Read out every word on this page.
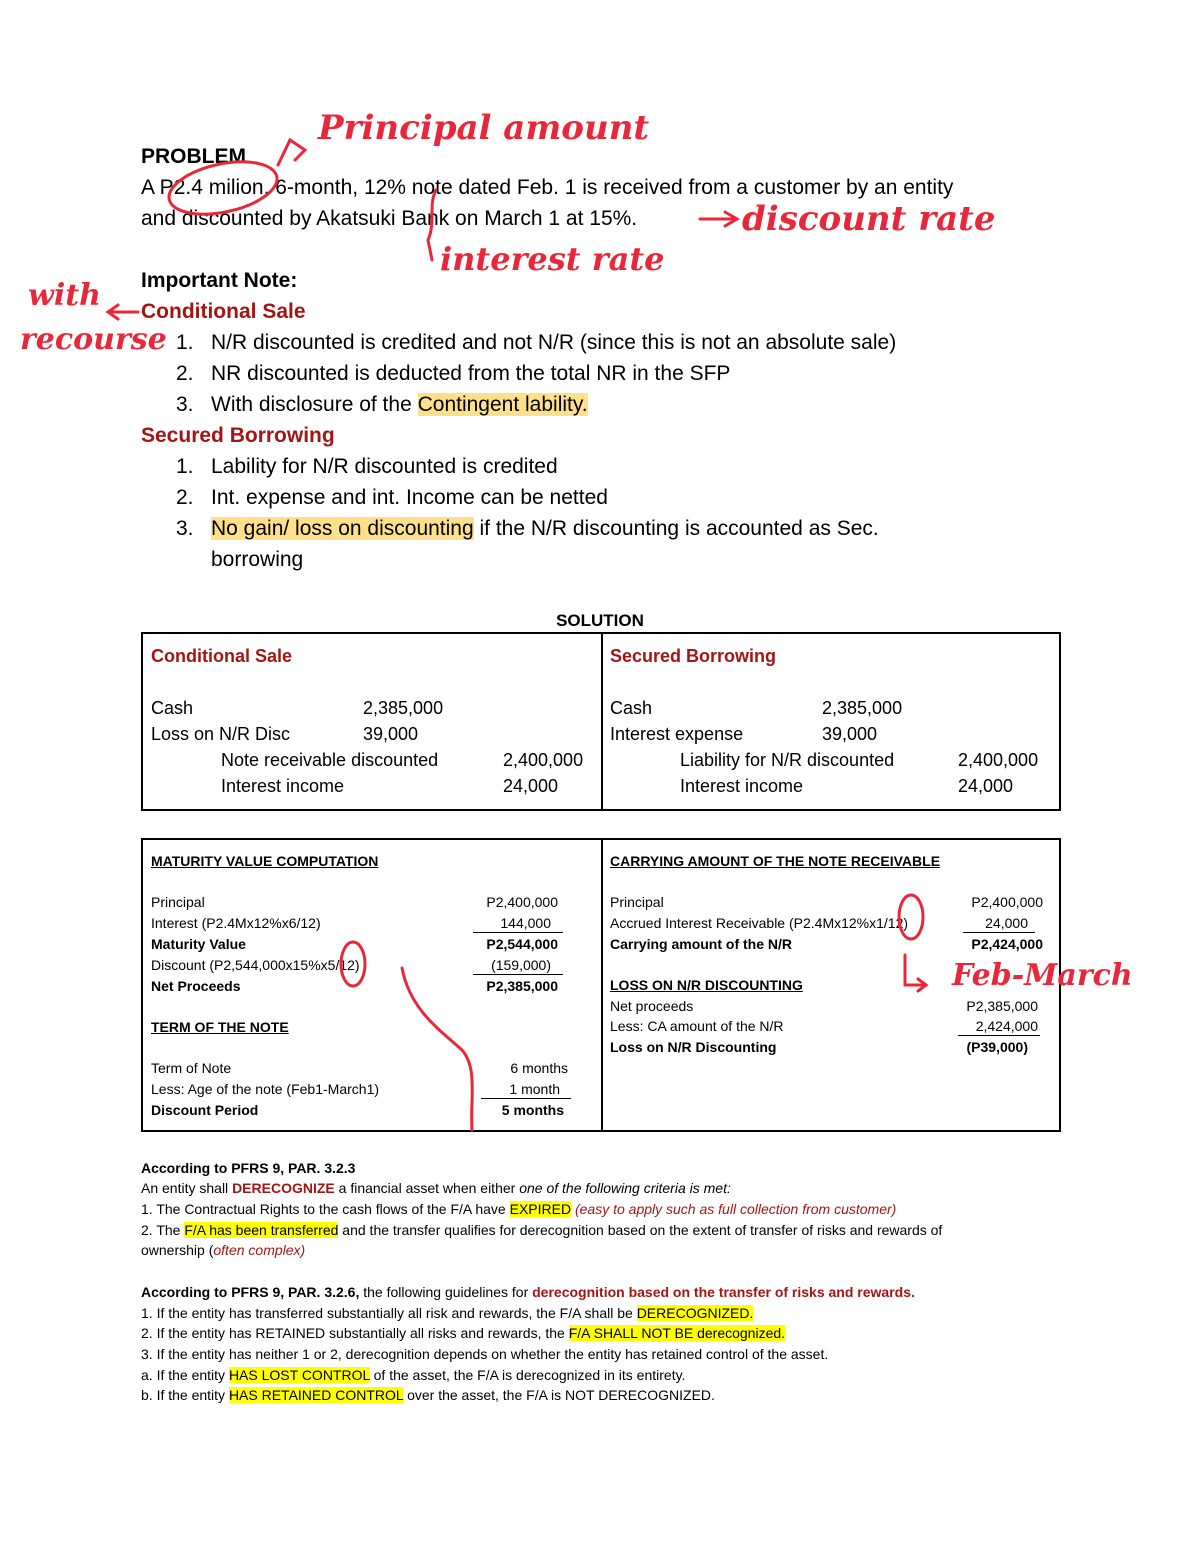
PROBLEM
A P2.4 milion, 6-month, 12% note dated Feb. 1 is received from a customer by an entity
and discounted by Akatsuki Bank on March 1 at 15%.
Important Note:
Conditional Sale
1. N/R discounted is credited and not N/R (since this is not an absolute sale)
2. NR discounted is deducted from the total NR in the SFP
3. With disclosure of the Contingent lability.
Secured Borrowing
1. Lability for N/R discounted is credited
2. Int. expense and int. Income can be netted
3. No gain/ loss on discounting if the N/R discounting is accounted as Sec.
borrowing
SOLUTION
Conditional Sale
Cash	2,385,000
Loss on N/R Disc	39,000
Note receivable discounted	2,400,000
Interest income	24,000
Secured Borrowing
Cash	2,385,000
Interest expense	39,000
Liability for N/R discounted	2,400,000
Interest income	24,000
MATURITY VALUE COMPUTATION
Principal	P2,400,000
Interest (P2.4Mx12%x6/12)	144,000
Maturity Value	P2,544,000
Discount (P2,544,000x15%x5/12)	(159,000)
Net Proceeds	P2,385,000
TERM OF THE NOTE
Term of Note	6 months
Less: Age of the note (Feb1-March1)	1 month
Discount Period	5 months
CARRYING AMOUNT OF THE NOTE RECEIVABLE
Principal	P2,400,000
Accrued Interest Receivable (P2.4Mx12%x1/12)	24,000
Carrying amount of the N/R	P2,424,000
LOSS ON N/R DISCOUNTING
Net proceeds	P2,385,000
Less: CA amount of the N/R	2,424,000
Loss on N/R Discounting	(P39,000)
According to PFRS 9, PAR. 3.2.3
An entity shall DERECOGNIZE a financial asset when either one of the following criteria is met:
1. The Contractual Rights to the cash flows of the F/A have EXPIRED (easy to apply such as full collection from customer)
2. The F/A has been transferred and the transfer qualifies for derecognition based on the extent of transfer of risks and rewards of
ownership (often complex)
According to PFRS 9, PAR. 3.2.6, the following guidelines for derecognition based on the transfer of risks and rewards.
1. If the entity has transferred substantially all risk and rewards, the F/A shall be DERECOGNIZED.
2. If the entity has RETAINED substantially all risks and rewards, the F/A SHALL NOT BE derecognized.
3. If the entity has neither 1 or 2, derecognition depends on whether the entity has retained control of the asset.
a. If the entity HAS LOST CONTROL of the asset, the F/A is derecognized in its entirety.
b. If the entity HAS RETAINED CONTROL over the asset, the F/A is NOT DERECOGNIZED.
Principal amount
discount rate
interest rate
with
recourse
Feb-March
